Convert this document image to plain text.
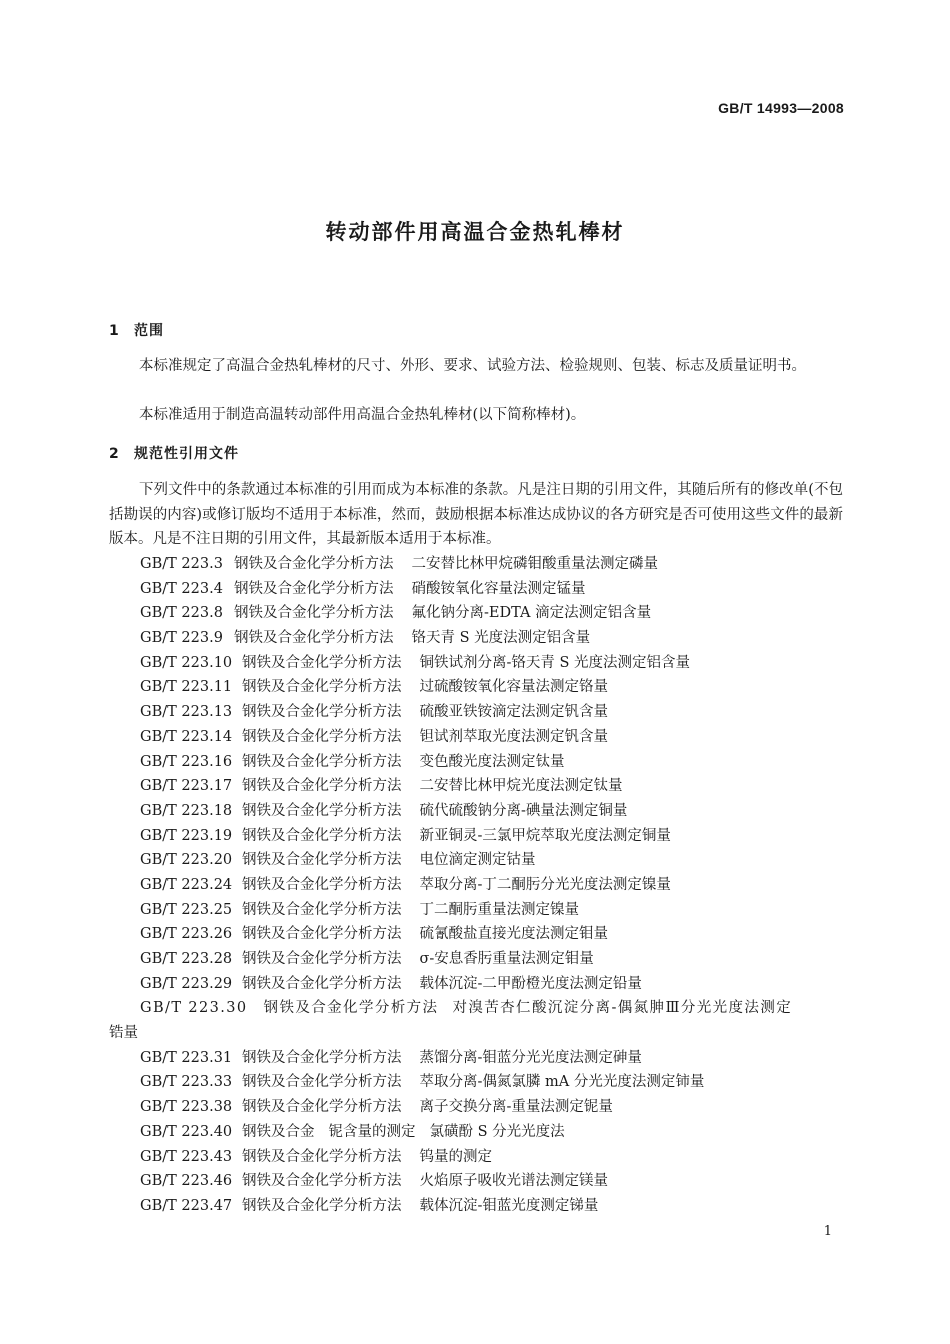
GB/T 14993—2008
转动部件用高温合金热轧棒材
1 范围

本标准规定了高温合金热轧棒材的尺寸、外形、要求、试验方法、检验规则、包装、标志及质量证明书。

本标准适用于制造高温转动部件用高温合金热轧棒材(以下简称棒材)。

2 规范性引用文件

下列文件中的条款通过本标准的引用而成为本标准的条款。凡是注日期的引用文件，其随后所有的修改单(不包括勘误的内容)或修订版均不适用于本标准，然而，鼓励根据本标准达成协议的各方研究是否可使用这些文件的最新版本。凡是不注日期的引用文件，其最新版本适用于本标准。

GB/T 223.3 钢铁及合金化学分析方法 二安替比林甲烷磷钼酸重量法测定磷量
GB/T 223.4 钢铁及合金化学分析方法 硝酸铵氧化容量法测定锰量
GB/T 223.8 钢铁及合金化学分析方法 氟化钠分离-EDTA 滴定法测定铝含量
GB/T 223.9 钢铁及合金化学分析方法 铬天青 S 光度法测定铝含量
GB/T 223.10 钢铁及合金化学分析方法 铜铁试剂分离-铬天青 S 光度法测定铝含量
GB/T 223.11 钢铁及合金化学分析方法 过硫酸铵氧化容量法测定铬量
GB/T 223.13 钢铁及合金化学分析方法 硫酸亚铁铵滴定法测定钒含量
GB/T 223.14 钢铁及合金化学分析方法 钽试剂萃取光度法测定钒含量
GB/T 223.16 钢铁及合金化学分析方法 变色酸光度法测定钛量
GB/T 223.17 钢铁及合金化学分析方法 二安替比林甲烷光度法测定钛量
GB/T 223.18 钢铁及合金化学分析方法 硫代硫酸钠分离-碘量法测定铜量
GB/T 223.19 钢铁及合金化学分析方法 新亚铜灵-三氯甲烷萃取光度法测定铜量
GB/T 223.20 钢铁及合金化学分析方法 电位滴定测定钴量
GB/T 223.24 钢铁及合金化学分析方法 萃取分离-丁二酮肟分光光度法测定镍量
GB/T 223.25 钢铁及合金化学分析方法 丁二酮肟重量法测定镍量
GB/T 223.26 钢铁及合金化学分析方法 硫氰酸盐直接光度法测定钼量
GB/T 223.28 钢铁及合金化学分析方法 σ-安息香肟重量法测定钼量
GB/T 223.29 钢铁及合金化学分析方法 载体沉淀-二甲酚橙光度法测定铅量
GB/T 223.30 钢铁及合金化学分析方法 对溴苦杏仁酸沉淀分离-偶氮胂Ⅲ分光光度法测定
锆量
GB/T 223.31 钢铁及合金化学分析方法 蒸馏分离-钼蓝分光光度法测定砷量
GB/T 223.33 钢铁及合金化学分析方法 萃取分离-偶氮氯膦 mA 分光光度法测定铈量
GB/T 223.38 钢铁及合金化学分析方法 离子交换分离-重量法测定铌量
GB/T 223.40 钢铁及合金 铌含量的测定 氯磺酚 S 分光光度法
GB/T 223.43 钢铁及合金化学分析方法 钨量的测定
GB/T 223.46 钢铁及合金化学分析方法 火焰原子吸收光谱法测定镁量
GB/T 223.47 钢铁及合金化学分析方法 载体沉淀-钼蓝光度测定锑量
1
